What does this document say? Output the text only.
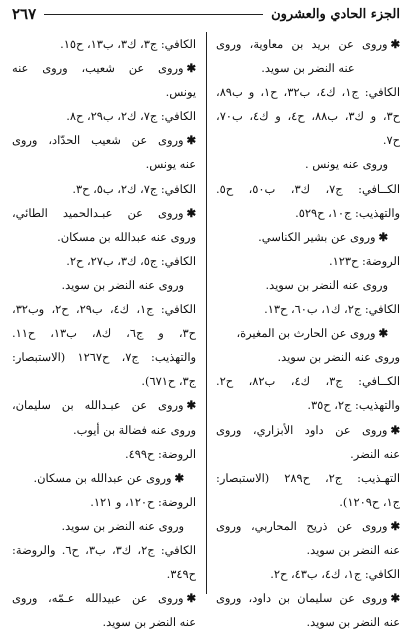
الجزء الحادي والعشرون
٢٦٧
✱وروى عن بريد بن معاوية، وروى
عنه النضر بن سويد.
الكافي: ج١، ك٤، ب٣٢، ح١، و ب٨٩،
ح٣، و ك٣، ب٨٨، ح٤، و ك٤، ب٧٠،
ح٧.
وروى عنه يونس .
الكــافي: ج٧، ك٣، ب٥٠، ح٥.
والتهذيب: ج١٠، ح٥٢٩.
✱وروى عن بشير الكناسي.
الروضة: ح١٢٣.
وروى عنه النضر بن سويد.
الكافي: ج٢، ك١، ب٦٠، ح١٣.
✱وروى عن الحارث بن المغيرة،
وروى عنه النضر بن سويد.
الكــافي: ج٣، ك٤، ب٨٢، ح٢.
والتهذيب: ج٢، ح٣٥.
✱وروى عن داود الأبزاري، وروى
عنه النضر.
التهـذيب: ج٢، ح٢٨٩ (الاستبصار:
ج١، ح١٢٠٩).
✱وروى عن ذريح المحاربي، وروى
عنه النضر بن سويد.
الكافي: ج١، ك٤، ب٤٣، ح٢.
✱وروى عن سليمان بن داود، وروى
عنه النضر بن سويد.
الكافي: ج٣، ك٣، ب١٣، ح١٥.
✱وروى عن شعيب، وروى عنه
يونس.
الكافي: ج٧، ك٢، ب٢٩، ح٨.
✱وروى عن شعيب الحدّاد، وروى
عنه يونس.
الكافي: ج٧، ك٢، ب٥، ح٣.
✱وروى عن عبـدالحميد الطائي،
وروى عنه عبدالله بن مسكان.
الكافي: ج٥، ك٣، ب٢٧، ح٢.
وروى عنه النضر بن سويد.
الكافي: ج١، ك٤، ب٢٩، ح٢، وب٣٢،
ح٣، و ج٦، ك٨، ب١٣، ح١١.
والتهذيب: ج٧، ح١٢٦٧ (الاستبصار:
ج٣، ح٦٧١).
✱وروى عن عبـدالله بن سليمان،
وروى عنه فضالة بن أيوب.
الروضة: ح٤٩٩.
✱وروى عن عبدالله بن مسكان.
الروضة: ح١٢٠، و ١٢١.
وروى عنه النضر بن سويد.
الكافي: ج٢، ك٣، ب٣، ح٦. والروضة:
ح٣٤٩.
✱وروى عن عبيدالله عـمّه، وروى
عنه النضر بن سويد.
